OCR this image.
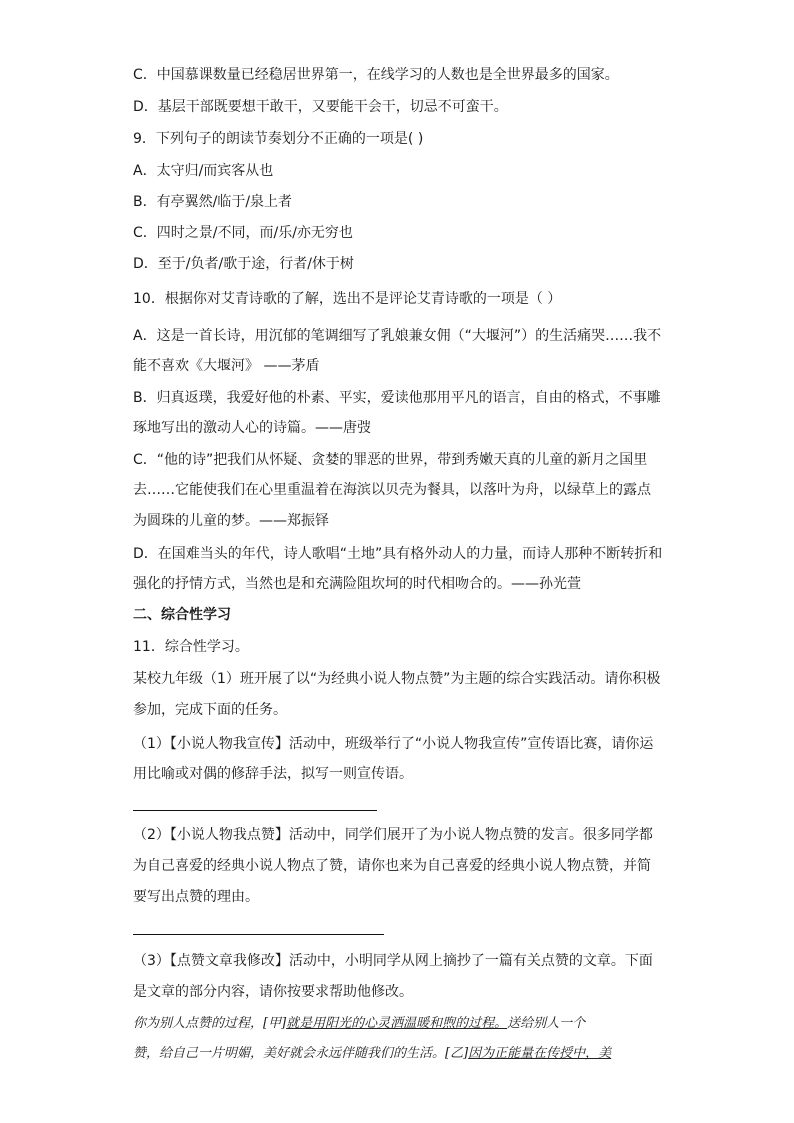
C．中国慕课数量已经稳居世界第一，在线学习的人数也是全世界最多的国家。
D．基层干部既要想干敢干，又要能干会干，切忌不可蛮干。
9．下列句子的朗读节奏划分不正确的一项是( )
A．太守归/而宾客从也
B．有亭翼然/临于/泉上者
C．四时之景/不同，而/乐/亦无穷也
D．至于/负者/歌于途，行者/休于树
10．根据你对艾青诗歌的了解，选出不是评论艾青诗歌的一项是（ ）
A．这是一首长诗，用沉郁的笔调细写了乳娘兼女佣（“大堰河”）的生活痛哭……我不
能不喜欢《大堰河》 ——茅盾
B．归真返璞，我爱好他的朴素、平实，爱读他那用平凡的语言，自由的格式，不事雕
琢地写出的激动人心的诗篇。——唐弢
C．“他的诗”把我们从怀疑、贪婪的罪恶的世界，带到秀嫩天真的儿童的新月之国里
去……它能使我们在心里重温着在海滨以贝壳为餐具，以落叶为舟，以绿草上的露点
为圆珠的儿童的梦。——郑振铎
D．在国难当头的年代，诗人歌唱“土地”具有格外动人的力量，而诗人那种不断转折和
强化的抒情方式，当然也是和充满险阻坎坷的时代相吻合的。——孙光萱
二、综合性学习
11．综合性学习。
某校九年级（1）班开展了以“为经典小说人物点赞”为主题的综合实践活动。请你积极
参加，完成下面的任务。
（1）【小说人物我宣传】活动中，班级举行了“小说人物我宣传”宣传语比赛，请你运
用比喻或对偶的修辞手法，拟写一则宣传语。
（2）【小说人物我点赞】活动中，同学们展开了为小说人物点赞的发言。很多同学都
为自己喜爱的经典小说人物点了赞，请你也来为自己喜爱的经典小说人物点赞，并简
要写出点赞的理由。
（3）【点赞文章我修改】活动中，小明同学从网上摘抄了一篇有关点赞的文章。下面
是文章的部分内容，请你按要求帮助他修改。
你为别人点赞的过程，[甲]就是用阳光的心灵洒温暖和煦的过程。送给别人一个
赞，给自己一片明媚，美好就会永远伴随我们的生活。[乙]因为正能量在传授中，美
